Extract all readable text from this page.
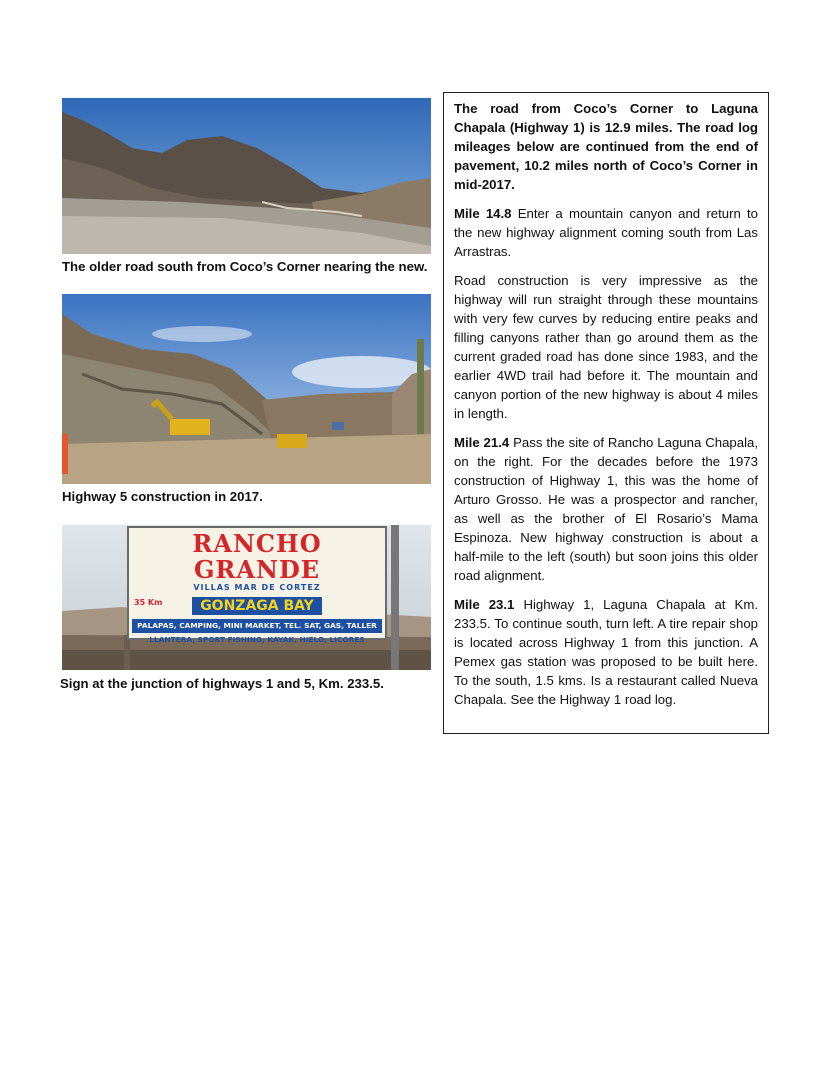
The older road south from Coco’s Corner nearing the new.
Highway 5 construction in 2017.
RANCHO GRANDE
VILLAS MAR DE CORTEZ
35 Km	GONZAGA BAY
PALAPAS, CAMPING, MINI MARKET, TEL. SAT, GAS, TALLER
LLANTERA, SPORT FISHING, KAYAK, HIELO, LICORES
Sign at the junction of highways 1 and 5, Km. 233.5.

The road from Coco’s Corner to Laguna Chapala (Highway 1) is 12.9 miles. The road log mileages below are continued from the end of pavement, 10.2 miles north of Coco’s Corner in mid-2017.

Mile 14.8 Enter a mountain canyon and return to the new highway alignment coming south from Las Arrastras.

Road construction is very impressive as the highway will run straight through these mountains with very few curves by reducing entire peaks and filling canyons rather than go around them as the current graded road has done since 1983, and the earlier 4WD trail had before it. The mountain and canyon portion of the new highway is about 4 miles in length.

Mile 21.4 Pass the site of Rancho Laguna Chapala, on the right. For the decades before the 1973 construction of Highway 1, this was the home of Arturo Grosso. He was a prospector and rancher, as well as the brother of El Rosario’s Mama Espinoza. New highway construction is about a half-mile to the left (south) but soon joins this older road alignment.

Mile 23.1 Highway 1, Laguna Chapala at Km. 233.5. To continue south, turn left. A tire repair shop is located across Highway 1 from this junction. A Pemex gas station was proposed to be built here. To the south, 1.5 kms. Is a restaurant called Nueva Chapala. See the Highway 1 road log.
